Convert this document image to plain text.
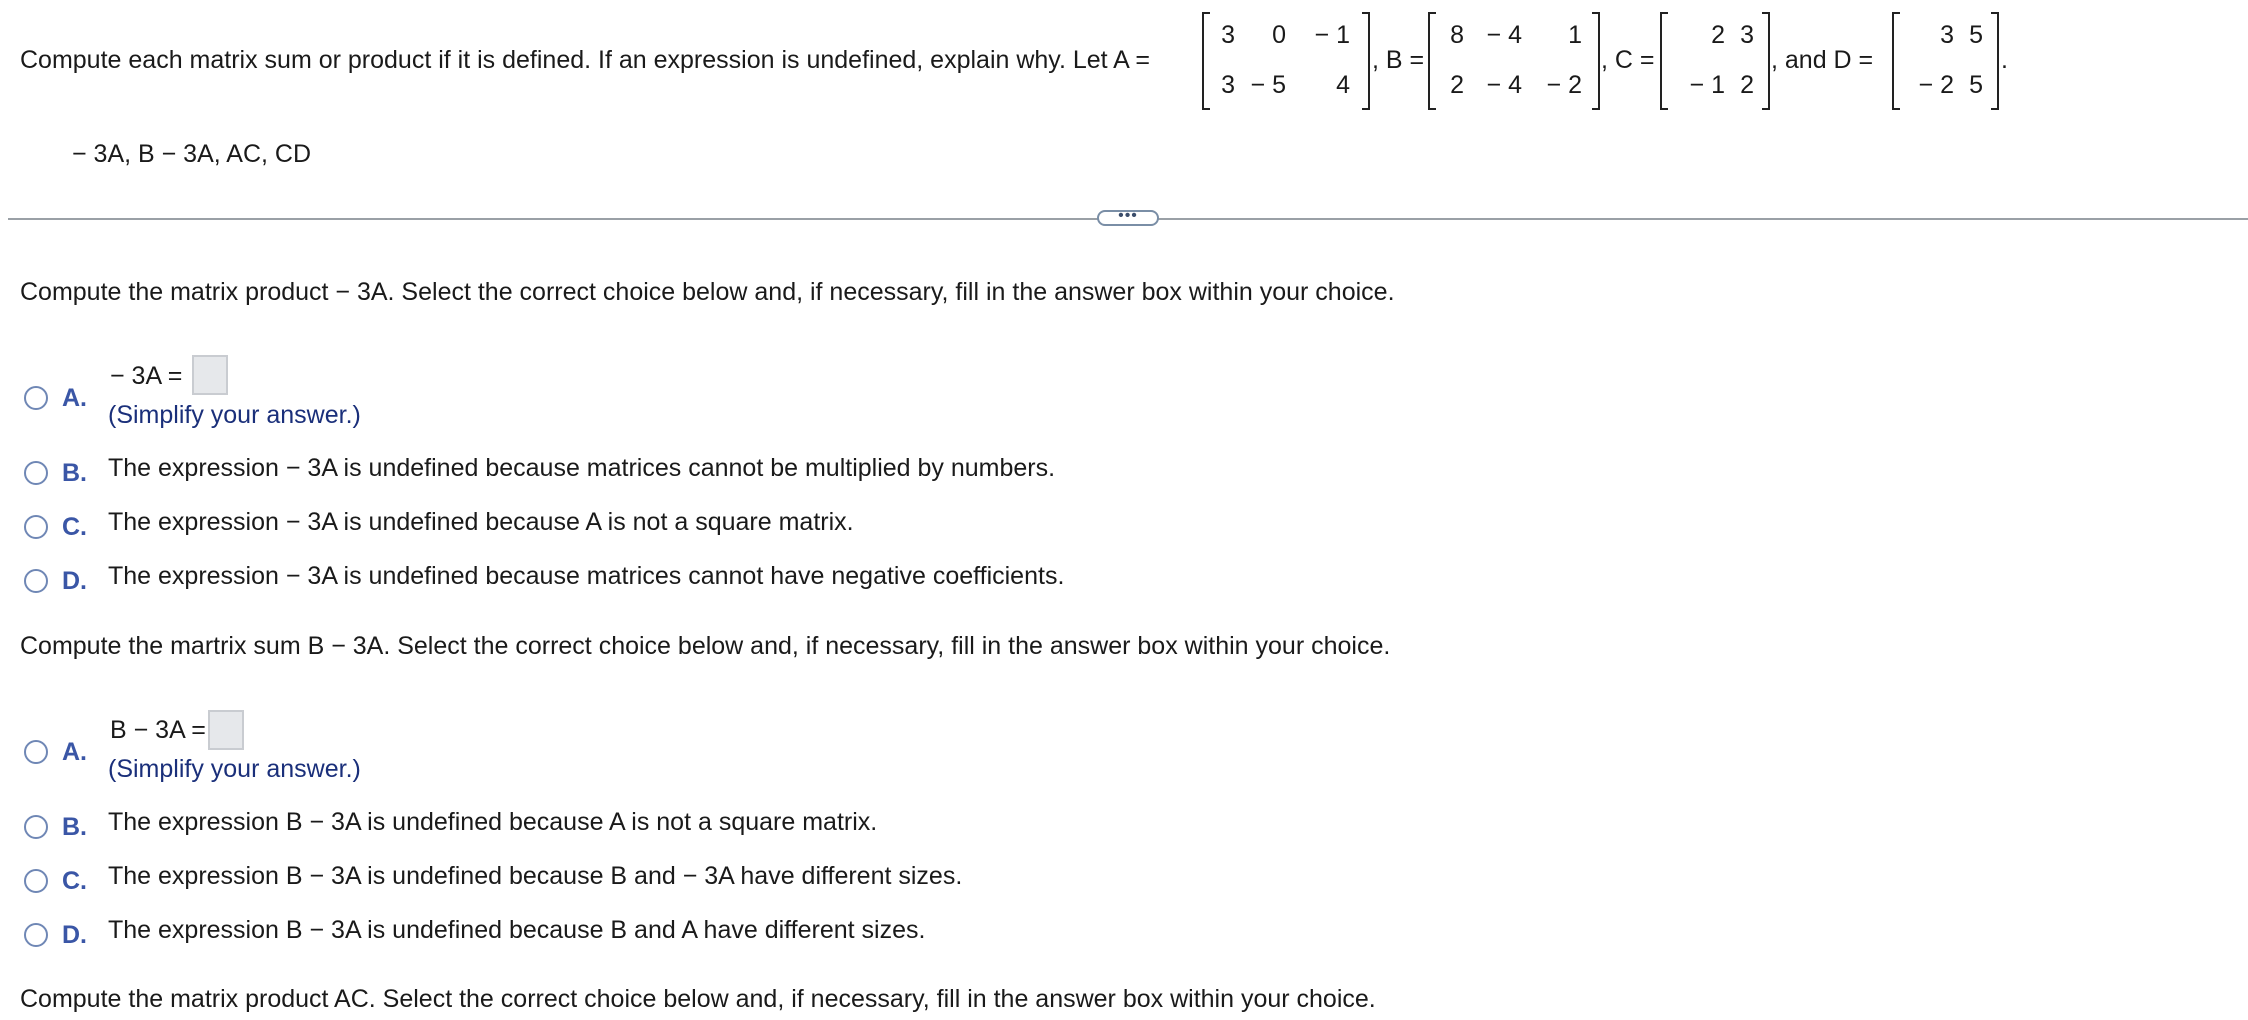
Compute each matrix sum or product if it is defined. If an expression is undefined, explain why. Let A =
3 0 − 1
3 − 5 4
, B =
8 − 4 1
2 − 4 − 2
, C =
2 3
− 1 2
, and D =
3 5
− 2 5
.
− 3A, B − 3A, AC, CD
•••
Compute the matrix product − 3A. Select the correct choice below and, if necessary, fill in the answer box within your choice.
A.
− 3A =
(Simplify your answer.)
B. The expression − 3A is undefined because matrices cannot be multiplied by numbers.
C. The expression − 3A is undefined because A is not a square matrix.
D. The expression − 3A is undefined because matrices cannot have negative coefficients.
Compute the martrix sum B − 3A. Select the correct choice below and, if necessary, fill in the answer box within your choice.
A.
B − 3A =
(Simplify your answer.)
B. The expression B − 3A is undefined because A is not a square matrix.
C. The expression B − 3A is undefined because B and − 3A have different sizes.
D. The expression B − 3A is undefined because B and A have different sizes.
Compute the matrix product AC. Select the correct choice below and, if necessary, fill in the answer box within your choice.
